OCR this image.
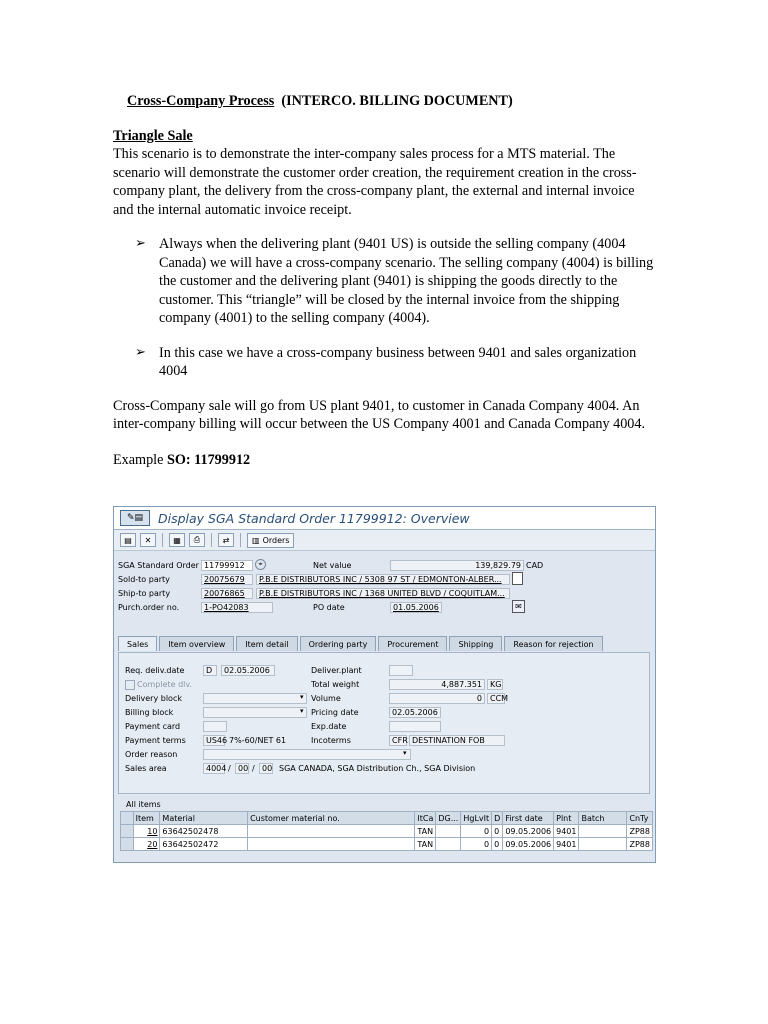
Cross-Company Process (INTERCO. BILLING DOCUMENT)
Triangle Sale

This scenario is to demonstrate the inter-company sales process for a MTS material. The scenario will demonstrate the customer order creation, the requirement creation in the cross-company plant, the delivery from the cross-company plant, the external and internal invoice and the internal automatic invoice receipt.

➢ Always when the delivering plant (9401 US) is outside the selling company (4004 Canada) we will have a cross-company scenario. The selling company (4004) is billing the customer and the delivering plant (9401) is shipping the goods directly to the customer. This “triangle” will be closed by the internal invoice from the shipping company (4001) to the selling company (4004).
➢ In this case we have a cross-company business between 9401 and sales organization 4004

Cross-Company sale will go from US plant 9401, to customer in Canada Company 4004. An inter-company billing will occur between the US Company 4001 and Canada Company 4004.

Example SO: 11799912
✎▤	Display SGA Standard Order 11799912: Overview
▤	✕	▦	⎙	⇄	▥ Orders
SGA Standard Order 11799912	⌖	Net value	139,829.79 CAD
Sold-to party	20075679	P.B.E DISTRIBUTORS INC / 5308 97 ST / EDMONTON-ALBER...
Ship-to party	20076865	P.B.E DISTRIBUTORS INC / 1368 UNITED BLVD / COQUITLAM...
Purch.order no.	1-PO42083	PO date	01.05.2006	✉
Sales	Item overview	Item detail	Ordering party	Procurement	Shipping	Reason for rejection
Req. deliv.date	D	02.05.2006	Deliver.plant
Complete dlv.	Total weight	4,887.351	KG
Delivery block	▾ Volume	0	CCM
Billing block	▾ Pricing date	02.05.2006
Payment card	Exp.date
Payment terms	US46 7%-60/NET 61	Incoterms	CFR DESTINATION FOB
Order reason	▾
Sales area	4004 / 00 / 00 SGA CANADA, SGA Distribution Ch., SGA Division
All items
	Item	Material	Customer material no.	ItCa	DG...	HgLvIt	D	First date	Plnt	Batch	CnTy
	10	63642502478		TAN		0	0	09.05.2006	9401		ZP88
	20	63642502472		TAN		0	0	09.05.2006	9401		ZP88
